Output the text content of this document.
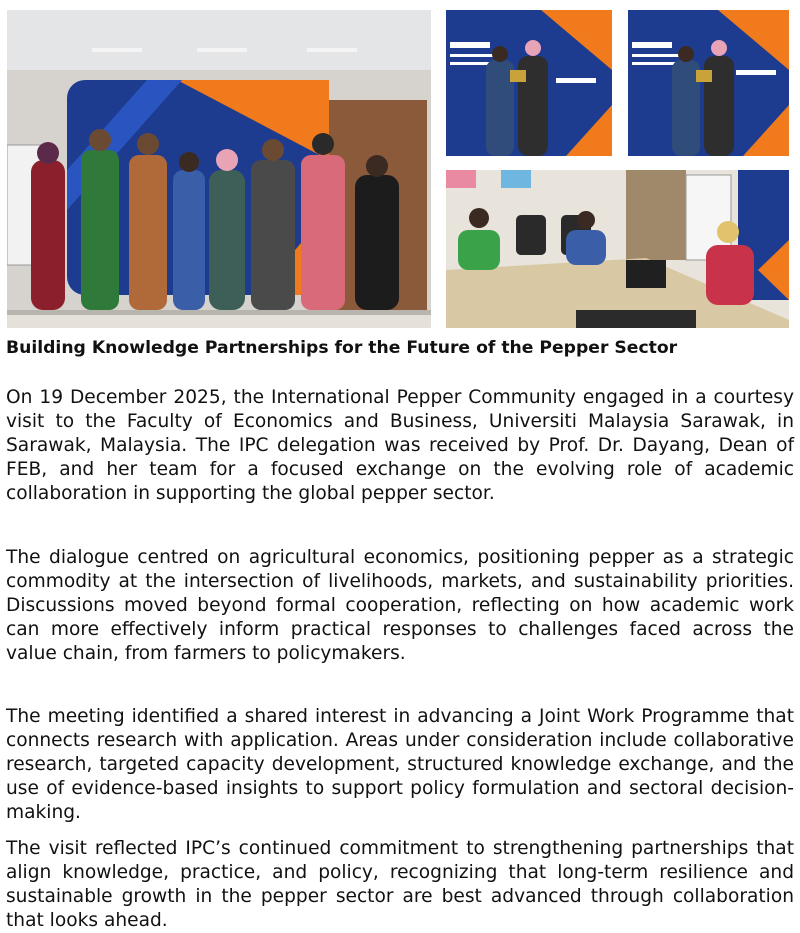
Building Knowledge Partnerships for the Future of the Pepper Sector

On 19 December 2025, the International Pepper Community engaged in a courtesy visit to the Faculty of Economics and Business, Universiti Malaysia Sarawak, in Sarawak, Malaysia. The IPC delegation was received by Prof. Dr. Dayang, Dean of FEB, and her team for a focused exchange on the evolving role of academic collaboration in supporting the global pepper sector.

The dialogue centred on agricultural economics, positioning pepper as a strategic commodity at the intersection of livelihoods, markets, and sustainability priorities. Discussions moved beyond formal cooperation, reflecting on how academic work can more effectively inform practical responses to challenges faced across the value chain, from farmers to policymakers.

The meeting identified a shared interest in advancing a Joint Work Programme that connects research with application. Areas under consideration include collaborative research, targeted capacity development, structured knowledge exchange, and the use of evidence-based insights to support policy formulation and sectoral decision-making.

The visit reflected IPC’s continued commitment to strengthening partnerships that align knowledge, practice, and policy, recognizing that long-term resilience and sustainable growth in the pepper sector are best advanced through collaboration that looks ahead.
